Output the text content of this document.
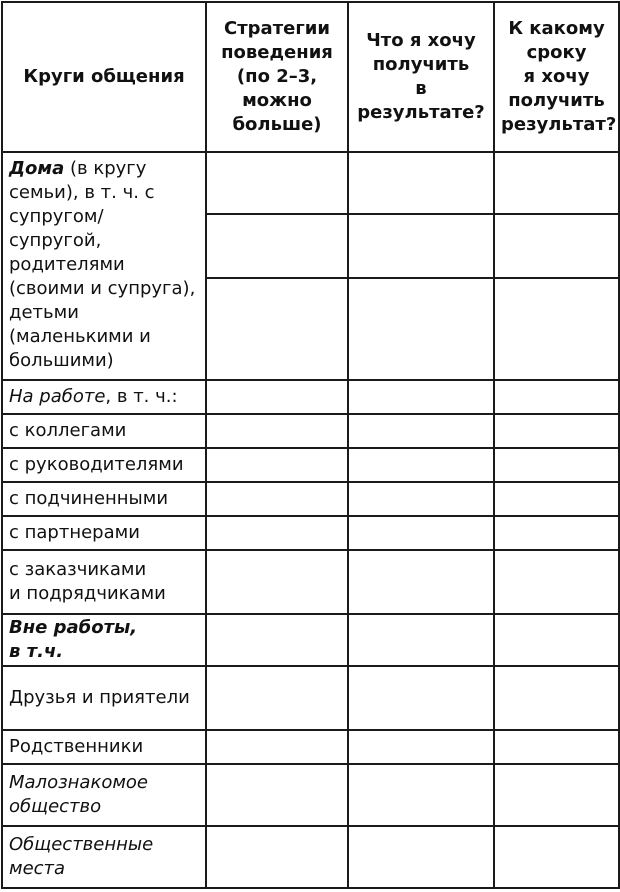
Круги общения	Стратегии
поведения
(по 2–3,
можно
больше)	Что я хочу
получить
в результате?	К какому
сроку
я хочу
получить
результат?

Дома (в кругу семьи), в т. ч. с супругом/ супругой, родителями (своими и супруга), детьми (маленькими и большими)			

На работе, в т. ч.:			

с коллегами			

с руководителями			

с подчиненными			

с партнерами			

с заказчиками
и подрядчиками			

Вне работы,
в т.ч.			

Друзья и приятели			

Родственники			

Малознакомое
общество			

Общественные
места			
